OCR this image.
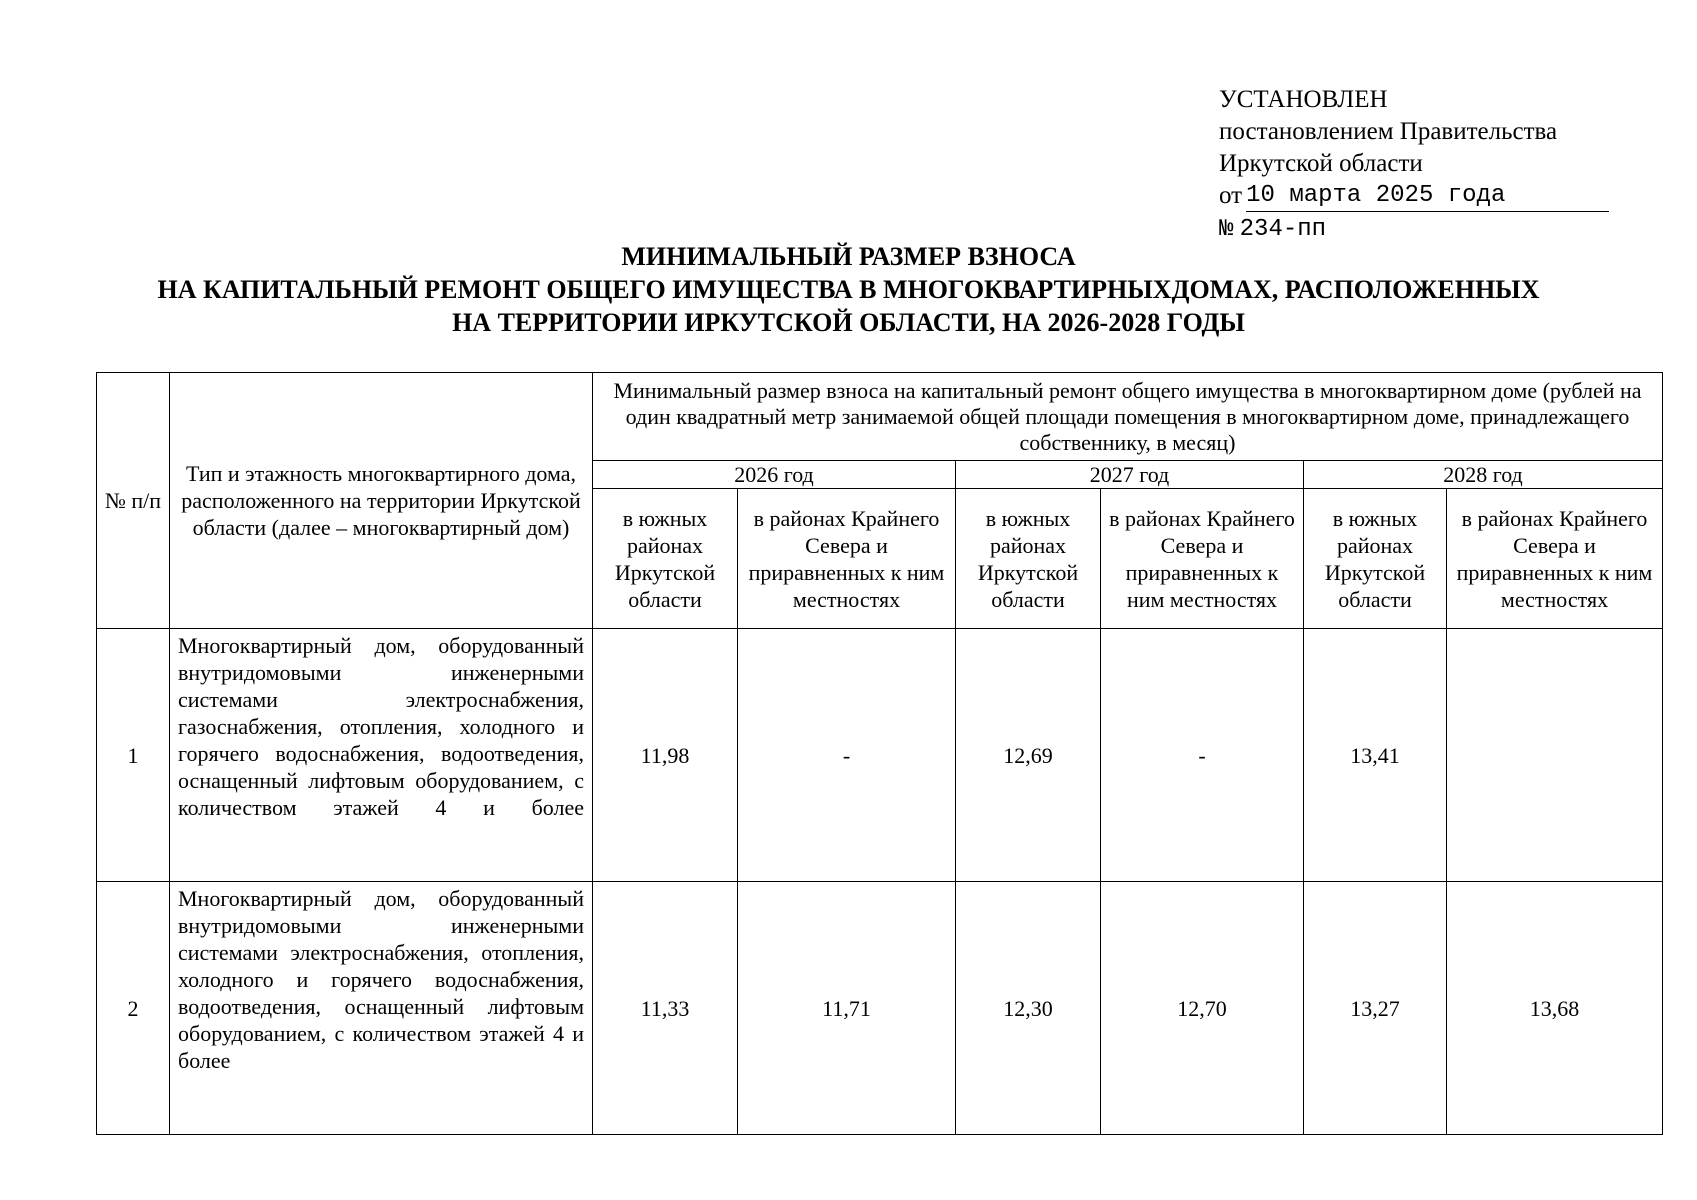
УСТАНОВЛЕН
постановлением Правительства
Иркутской области
от 10 марта 2025 года
№ 234-пп
МИНИМАЛЬНЫЙ РАЗМЕР ВЗНОСА
НА КАПИТАЛЬНЫЙ РЕМОНТ ОБЩЕГО ИМУЩЕСТВА В МНОГОКВАРТИРНЫХДОМАХ, РАСПОЛОЖЕННЫХ
НА ТЕРРИТОРИИ ИРКУТСКОЙ ОБЛАСТИ, НА 2026-2028 ГОДЫ
№ п/п	Тип и этажность многоквартирного дома, расположенного на территории Иркутской области (далее – многоквартирный дом)	Минимальный размер взноса на капитальный ремонт общего имущества в многоквартирном доме (рублей на один квадратный метр занимаемой общей площади помещения в многоквартирном доме, принадлежащего собственнику, в месяц)					
		2026 год		2027 год		2028 год	
		в южных районах Иркутской области	в районах Крайнего Севера и приравненных к ним местностях	в южных районах Иркутской области	в районах Крайнего Севера и приравненных к ним местностях	в южных районах Иркутской области	в районах Крайнего Севера и приравненных к ним местностях
1	Многоквартирный дом, оборудованный внутридомовыми инженерными системами электроснабжения, газоснабжения, отопления, холодного и горячего водоснабжения, водоотведения, оснащенный лифтовым оборудованием, с количеством этажей 4 и более	11,98	-	12,69	-	13,41	
2	Многоквартирный дом, оборудованный внутридомовыми инженерными системами электроснабжения, отопления, холодного и горячего водоснабжения, водоотведения, оснащенный лифтовым оборудованием, с количеством этажей 4 и более	11,33	11,71	12,30	12,70	13,27	13,68
